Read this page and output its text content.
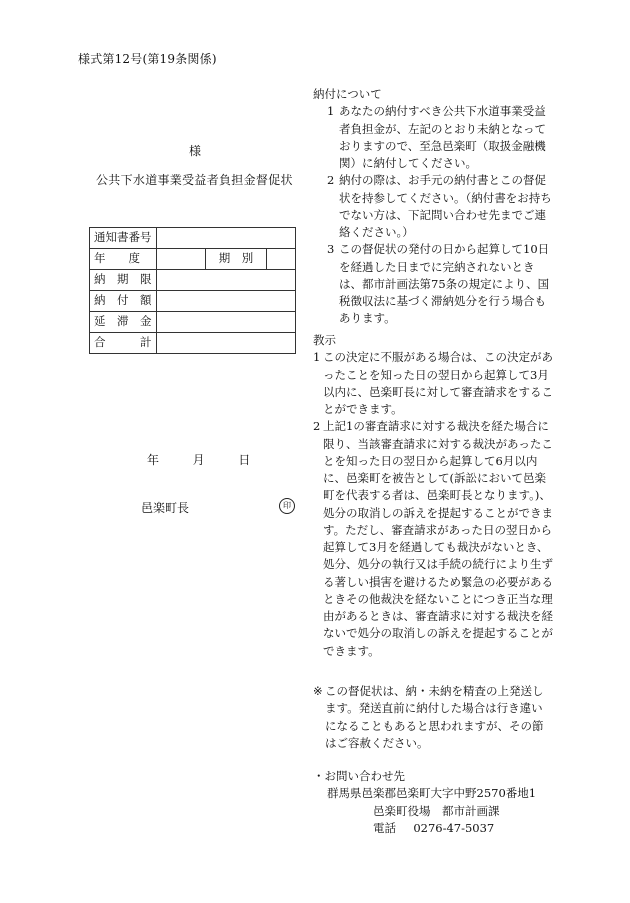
様式第12号(第19条関係)
様
公共下水道事業受益者負担金督促状
通知書番号			
年　　度		期　別	
納　期　限			
納　付　額			
延　滞　金			
合　　　計			
年	月	日
邑楽町長	印
納付について

1 あなたの納付すべき公共下水道事業受益者負担金が、左記のとおり未納となっておりますので、至急邑楽町（取扱金融機関）に納付してください。

2 納付の際は、お手元の納付書とこの督促状を持参してください。（納付書をお持ちでない方は、下記問い合わせ先までご連絡ください。）

3 この督促状の発付の日から起算して10日を経過した日までに完納されないときは、都市計画法第75条の規定により、国税徴収法に基づく滞納処分を行う場合もあります。

教示

1 この決定に不服がある場合は、この決定があったことを知った日の翌日から起算して3月以内に、邑楽町長に対して審査請求をすることができます。

2 上記1の審査請求に対する裁決を経た場合に限り、当該審査請求に対する裁決があったことを知った日の翌日から起算して6月以内に、邑楽町を被告として(訴訟において邑楽町を代表する者は、邑楽町長となります。)、処分の取消しの訴えを提起することができます。ただし、審査請求があった日の翌日から起算して3月を経過しても裁決がないとき、処分、処分の執行又は手続の続行により生ずる著しい損害を避けるため緊急の必要があるときその他裁決を経ないことにつき正当な理由があるときは、審査請求に対する裁決を経ないで処分の取消しの訴えを提起することができます。

※ この督促状は、納・未納を精査の上発送します。発送直前に納付した場合は行き違いになることもあると思われますが、その節はご容赦ください。

・お問い合わせ先

群馬県邑楽郡邑楽町大字中野2570番地1

邑楽町役場　都市計画課

電話 0276-47-5037
